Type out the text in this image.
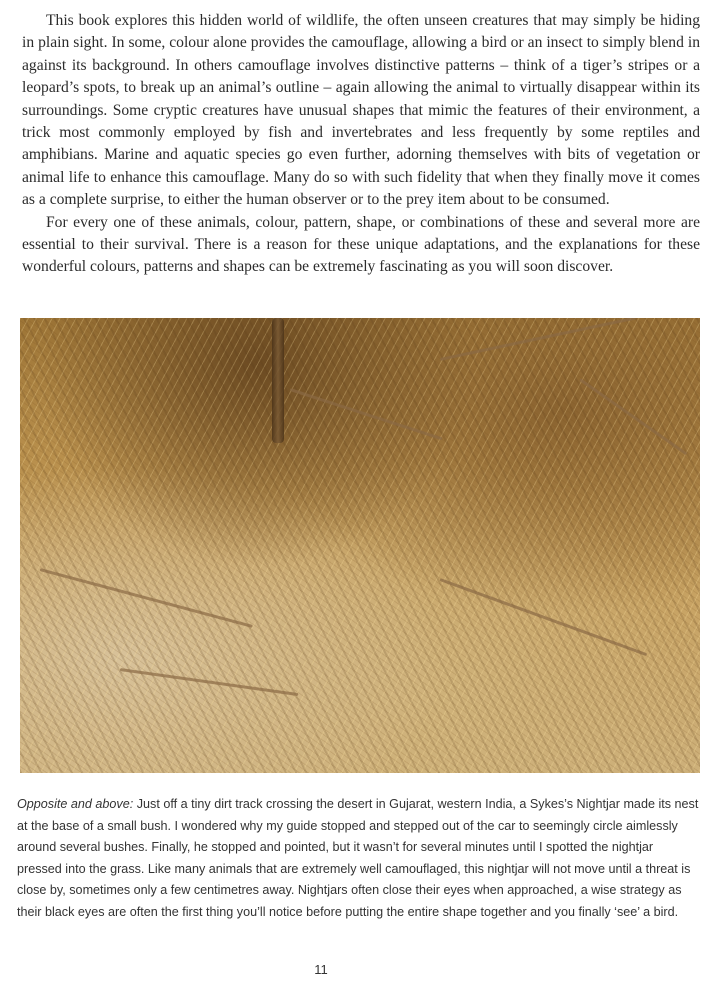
This book explores this hidden world of wildlife, the often unseen creatures that may simply be hiding in plain sight. In some, colour alone provides the camouflage, allowing a bird or an insect to simply blend in against its background. In others camouflage involves distinctive patterns – think of a tiger’s stripes or a leopard’s spots, to break up an animal’s outline – again allowing the animal to virtually disappear within its surroundings. Some cryptic creatures have unusual shapes that mimic the features of their environment, a trick most commonly employed by fish and invertebrates and less frequently by some reptiles and amphibians. Marine and aquatic species go even further, adorning themselves with bits of vegetation or animal life to enhance this camouflage. Many do so with such fidelity that when they finally move it comes as a complete surprise, to either the human observer or to the prey item about to be consumed.

For every one of these animals, colour, pattern, shape, or combinations of these and several more are essential to their survival. There is a reason for these unique adaptations, and the explanations for these wonderful colours, patterns and shapes can be extremely fascinating as you will soon discover.

Opposite and above: Just off a tiny dirt track crossing the desert in Gujarat, western India, a Sykes’s Nightjar made its nest at the base of a small bush. I wondered why my guide stopped and stepped out of the car to seemingly circle aimlessly around several bushes. Finally, he stopped and pointed, but it wasn’t for several minutes until I spotted the nightjar pressed into the grass. Like many animals that are extremely well camouflaged, this nightjar will not move until a threat is close by, sometimes only a few centimetres away. Nightjars often close their eyes when approached, a wise strategy as their black eyes are often the first thing you’ll notice before putting the entire shape together and you finally ‘see’ a bird.
11
